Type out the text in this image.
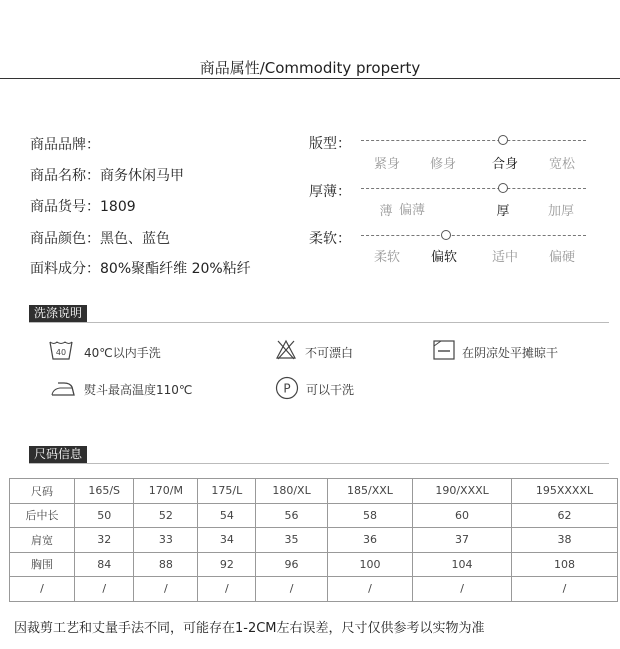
商品属性/Commodity property
商品品牌：
商品名称：商务休闲马甲
商品货号：1809
商品颜色：黑色、蓝色
面料成分：80%聚酯纤维 20%粘纤
版型：
紧身 修身	合身 宽松
厚薄：
薄 偏薄	厚	加厚
柔软：
柔软 偏软	适中 偏硬
洗涤说明
40 40℃以内手洗	不可漂白	在阴凉处平摊晾干
熨斗最高温度110℃	P 可以干洗
尺码信息
尺码	165/S	170/M	175/L	180/XL	185/XXL	190/XXXL	195XXXXL
后中长	50	52	54	56	58	60	62
肩宽	32	33	34	35	36	37	38
胸围	84	88	92	96	100	104	108
/	/	/	/	/	/	/	/
因裁剪工艺和丈量手法不同，可能存在1-2CM左右误差，尺寸仅供参考以实物为准
